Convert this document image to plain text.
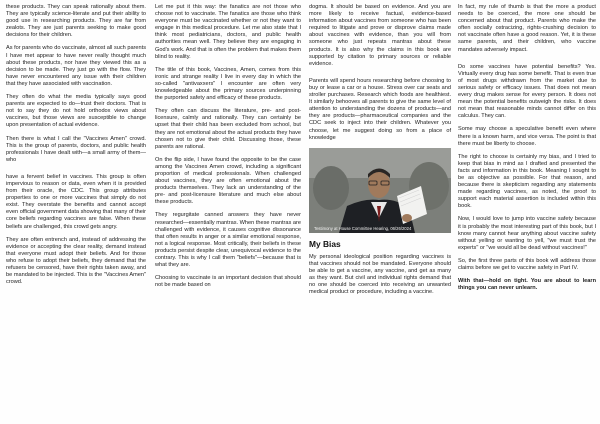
these products. They can speak rationally about them. They are typically science-literate and put their ability to good use in researching products. They are far from zealots. They are just parents seeking to make good decisions for their children.

As for parents who do vaccinate, almost all such parents I have met appear to have never really thought much about these products, nor have they viewed this as a decision to be made. They just go with the flow. They have never encountered any issue with their children that they have associated with vaccination.

They often do what the media typically says good parents are expected to do—trust their doctors. That is not to say they do not hold orthodox views about vaccines, but those views are susceptible to change upon presentation of actual evidence.

Then there is what I call the "Vaccines Amen" crowd. This is the group of parents, doctors, and public health professionals I have dealt with—a small army of them—who

have a fervent belief in vaccines. This group is often impervious to reason or data, even when it is provided from their oracle, the CDC. This group attributes properties to one or more vaccines that simply do not exist. They overstate the benefits and cannot accept even official government data showing that many of their core beliefs regarding vaccines are false. When these beliefs are challenged, this crowd gets angry.

They are often entrench and, instead of addressing the evidence or accepting the clear reality, demand instead that everyone must adopt their beliefs. And for those who refuse to adopt their beliefs, they demand that the refusers be censored, have their rights taken away, and be mandated to be injected. This is the "Vaccines Amen" crowd.

Let me put it this way: the fanatics are not those who choose not to vaccinate. The fanatics are those who think everyone must be vaccinated whether or not they want to engage in this medical procedure. Let me also state that I think most pediatricians, doctors, and public health authorities mean well. They believe they are engaging in God's work. And that is often the problem that makes them blind to reality.

The title of this book, Vaccines, Amen, comes from this ironic and strange reality I live in every day in which the so-called "antivaxxers" I encounter are often very knowledgeable about the primary sources underpinning the purported safety and efficacy of these products.

They often can discuss the literature, pre- and post-licensure, calmly and rationally. They can certainly be upset that their child has been excluded from school, but they are not emotional about the actual products they have chosen not to give their child. Discussing those, these parents are rational.

On the flip side, I have found the opposite to be the case among the Vaccines Amen crowd, including a significant proportion of medical professionals. When challenged about vaccines, they are often emotional about the products themselves. They lack an understanding of the pre- and post-licensure literature and much else about these products.

They regurgitate canned answers they have never researched—essentially mantras. When these mantras are challenged with evidence, it causes cognitive dissonance that often results in anger or a similar emotional response, not a logical response. Most critically, their beliefs in these products persist despite clear, unequivocal evidence to the contrary. This is why I call them "beliefs"—because that is what they are.

Choosing to vaccinate is an important decision that should not be made based on

dogma. It should be based on evidence. And you are more likely to receive factual, evidence-based information about vaccines from someone who has been required to litigate and prove or disprove claims made about vaccines with evidence, than you will from someone who just repeats mantras about these products. It is also why the claims in this book are supported by citation to primary sources or reliable evidence.

Parents will spend hours researching before choosing to buy or lease a car or a house. Stress over car seats and stroller purchases. Research which foods are healthiest. It similarly behooves all parents to give the same level of attention to understanding the dozens of products—and they are products—pharmaceutical companies and the CDC seek to inject into their children. Whatever you choose, let me suggest doing so from a place of knowledge

Testimony at House Committee Hearing, 06/26/2024
My Bias

My personal ideological position regarding vaccines is that vaccines should not be mandated. Everyone should be able to get a vaccine, any vaccine, and get as many as they want. But civil and individual rights demand that no one should be coerced into receiving an unwanted medical product or procedure, including a vaccine.

In fact, my rule of thumb is that the more a product needs to be coerced, the more one should be concerned about that product. Parents who make the often socially ostracizing, rights-crushing decision to not vaccinate often have a good reason. Yet, it is these same parents, and their children, who vaccine mandates adversely impact.

Do some vaccines have potential benefits? Yes. Virtually every drug has some benefit. That is even true of most drugs withdrawn from the market due to serious safety or efficacy issues. That does not mean every drug makes sense for every person. It does not mean the potential benefits outweigh the risks. It does not mean that reasonable minds cannot differ on this calculus. They can.

Some may choose a speculative benefit even where there is a known harm, and vice versa. The point is that there must be liberty to choose.

The right to choose is certainly my bias, and I tried to keep that bias in mind as I drafted and presented the facts and information in this book. Meaning I sought to be as objective as possible. For that reason, and because there is skepticism regarding any statements made regarding vaccines, as noted, the proof to support each material assertion is included within this book.

Now, I would love to jump into vaccine safety because it is probably the most interesting part of this book, but I know many cannot hear anything about vaccine safety without yelling or wanting to yell, "we must trust the experts" or "we would all be dead without vaccines!"

So, the first three parts of this book will address those claims before we get to vaccine safety in Part IV.

With that—hold on tight. You are about to learn things you can never unlearn.
